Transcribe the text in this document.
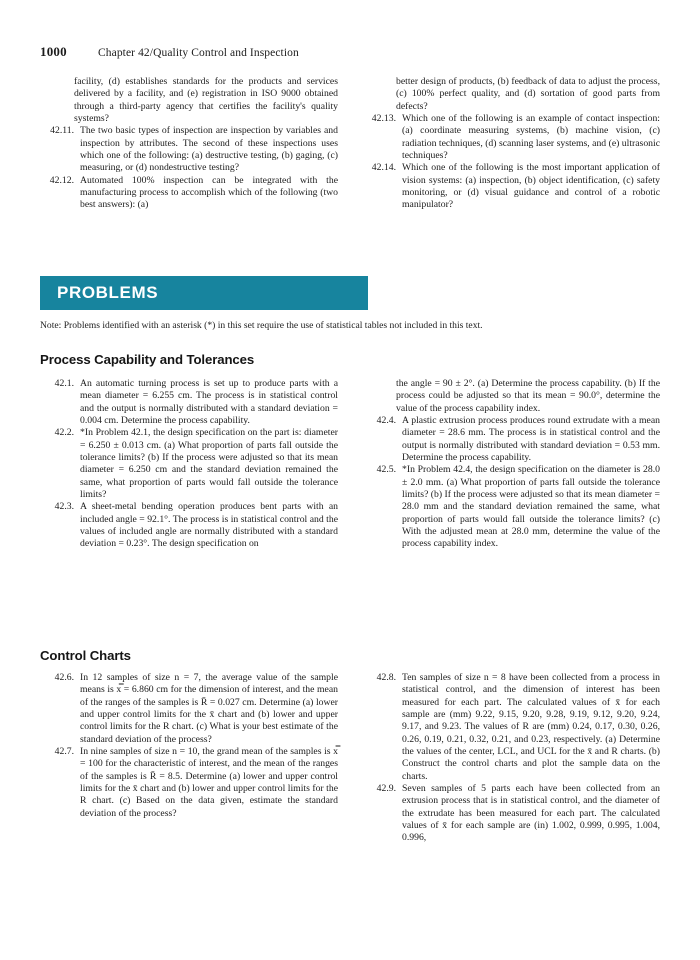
1000	Chapter 42/Quality Control and Inspection
facility, (d) establishes standards for the products and services delivered by a facility, and (e) registration in ISO 9000 obtained through a third-party agency that certifies the facility's quality systems?
42.11. The two basic types of inspection are inspection by variables and inspection by attributes. The second of these inspections uses which one of the following: (a) destructive testing, (b) gaging, (c) measuring, or (d) nondestructive testing?
42.12. Automated 100% inspection can be integrated with the manufacturing process to accomplish which of the following (two best answers): (a)
better design of products, (b) feedback of data to adjust the process, (c) 100% perfect quality, and (d) sortation of good parts from defects?
42.13. Which one of the following is an example of contact inspection: (a) coordinate measuring systems, (b) machine vision, (c) radiation techniques, (d) scanning laser systems, and (e) ultrasonic techniques?
42.14. Which one of the following is the most important application of vision systems: (a) inspection, (b) object identification, (c) safety monitoring, or (d) visual guidance and control of a robotic manipulator?
PROBLEMS
Note: Problems identified with an asterisk (*) in this set require the use of statistical tables not included in this text.
Process Capability and Tolerances
42.1. An automatic turning process is set up to produce parts with a mean diameter = 6.255 cm. The process is in statistical control and the output is normally distributed with a standard deviation = 0.004 cm. Determine the process capability.
42.2. *In Problem 42.1, the design specification on the part is: diameter = 6.250 ± 0.013 cm. (a) What proportion of parts fall outside the tolerance limits? (b) If the process were adjusted so that its mean diameter = 6.250 cm and the standard deviation remained the same, what proportion of parts would fall outside the tolerance limits?
42.3. A sheet-metal bending operation produces bent parts with an included angle = 92.1°. The process is in statistical control and the values of included angle are normally distributed with a standard deviation = 0.23°. The design specification on
the angle = 90 ± 2°. (a) Determine the process capability. (b) If the process could be adjusted so that its mean = 90.0°, determine the value of the process capability index.
42.4. A plastic extrusion process produces round extrudate with a mean diameter = 28.6 mm. The process is in statistical control and the output is normally distributed with standard deviation = 0.53 mm. Determine the process capability.
42.5. *In Problem 42.4, the design specification on the diameter is 28.0 ± 2.0 mm. (a) What proportion of parts fall outside the tolerance limits? (b) If the process were adjusted so that its mean diameter = 28.0 mm and the standard deviation remained the same, what proportion of parts would fall outside the tolerance limits? (c) With the adjusted mean at 28.0 mm, determine the value of the process capability index.
Control Charts
42.6. In 12 samples of size n = 7, the average value of the sample means is x̿ = 6.860 cm for the dimension of interest, and the mean of the ranges of the samples is R̄ = 0.027 cm. Determine (a) lower and upper control limits for the x̄ chart and (b) lower and upper control limits for the R chart. (c) What is your best estimate of the standard deviation of the process?
42.7. In nine samples of size n = 10, the grand mean of the samples is x̿ = 100 for the characteristic of interest, and the mean of the ranges of the samples is R̄ = 8.5. Determine (a) lower and upper control limits for the x̄ chart and (b) lower and upper control limits for the R chart. (c) Based on the data given, estimate the standard deviation of the process?
42.8. Ten samples of size n = 8 have been collected from a process in statistical control, and the dimension of interest has been measured for each part. The calculated values of x̄ for each sample are (mm) 9.22, 9.15, 9.20, 9.28, 9.19, 9.12, 9.20, 9.24, 9.17, and 9.23. The values of R are (mm) 0.24, 0.17, 0.30, 0.26, 0.26, 0.19, 0.21, 0.32, 0.21, and 0.23, respectively. (a) Determine the values of the center, LCL, and UCL for the x̄ and R charts. (b) Construct the control charts and plot the sample data on the charts.
42.9. Seven samples of 5 parts each have been collected from an extrusion process that is in statistical control, and the diameter of the extrudate has been measured for each part. The calculated values of x̄ for each sample are (in) 1.002, 0.999, 0.995, 1.004, 0.996,
